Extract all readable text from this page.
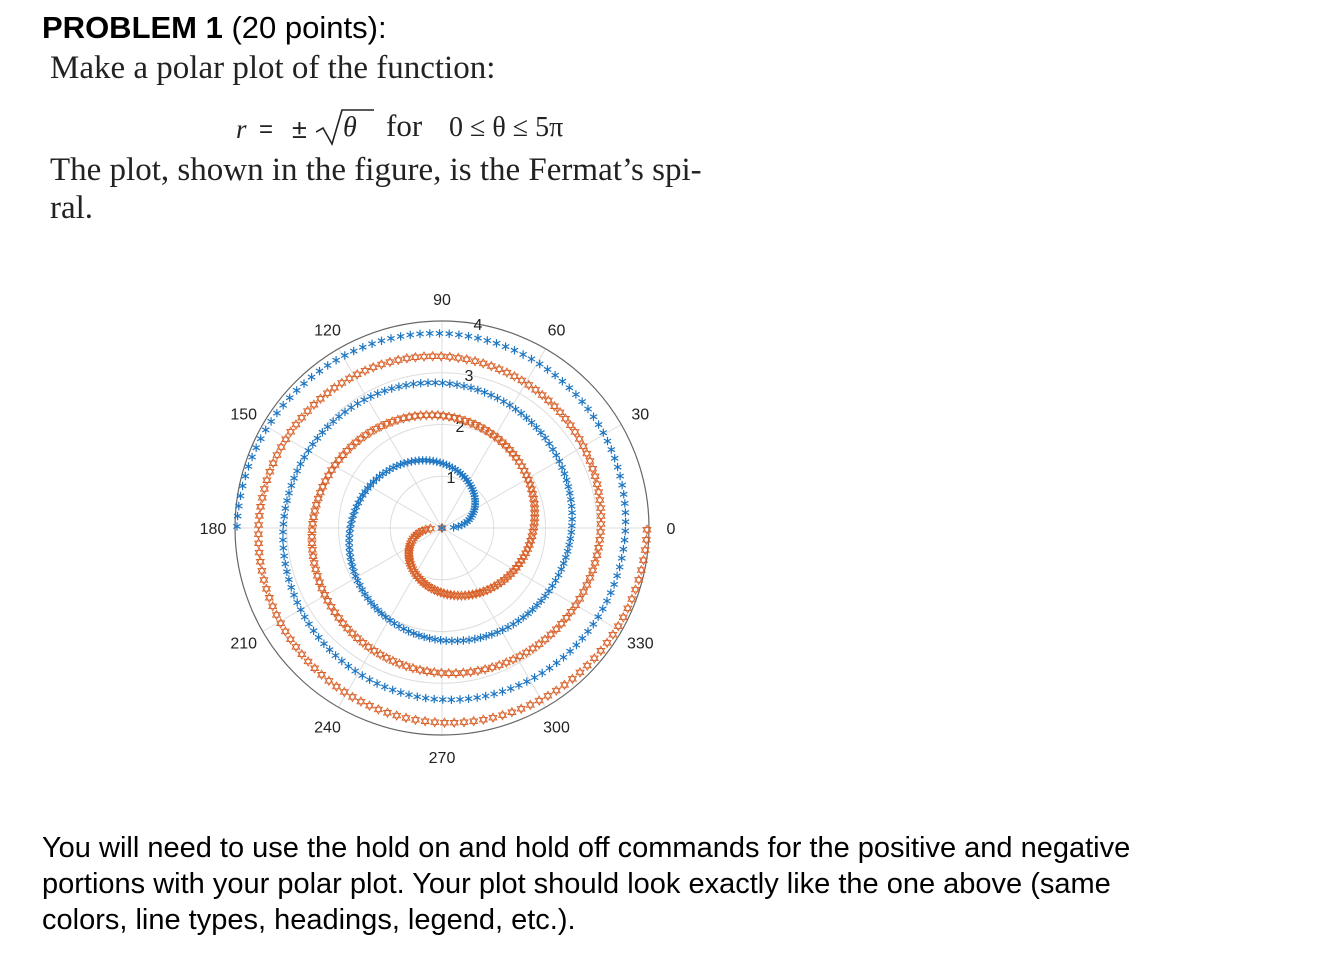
PROBLEM 1 (20 points):
Make a polar plot of the function:
r = ± θ for 0 ≤ θ ≤ 5π
The plot, shown in the figure, is the Fermat’s spi-
ral.
0
30
60
90
120
150
180
210
240
270
300
330
1
2
3
4
You will need to use the hold on and hold off commands for the positive and negative
portions with your polar plot. Your plot should look exactly like the one above (same
colors, line types, headings, legend, etc.).
